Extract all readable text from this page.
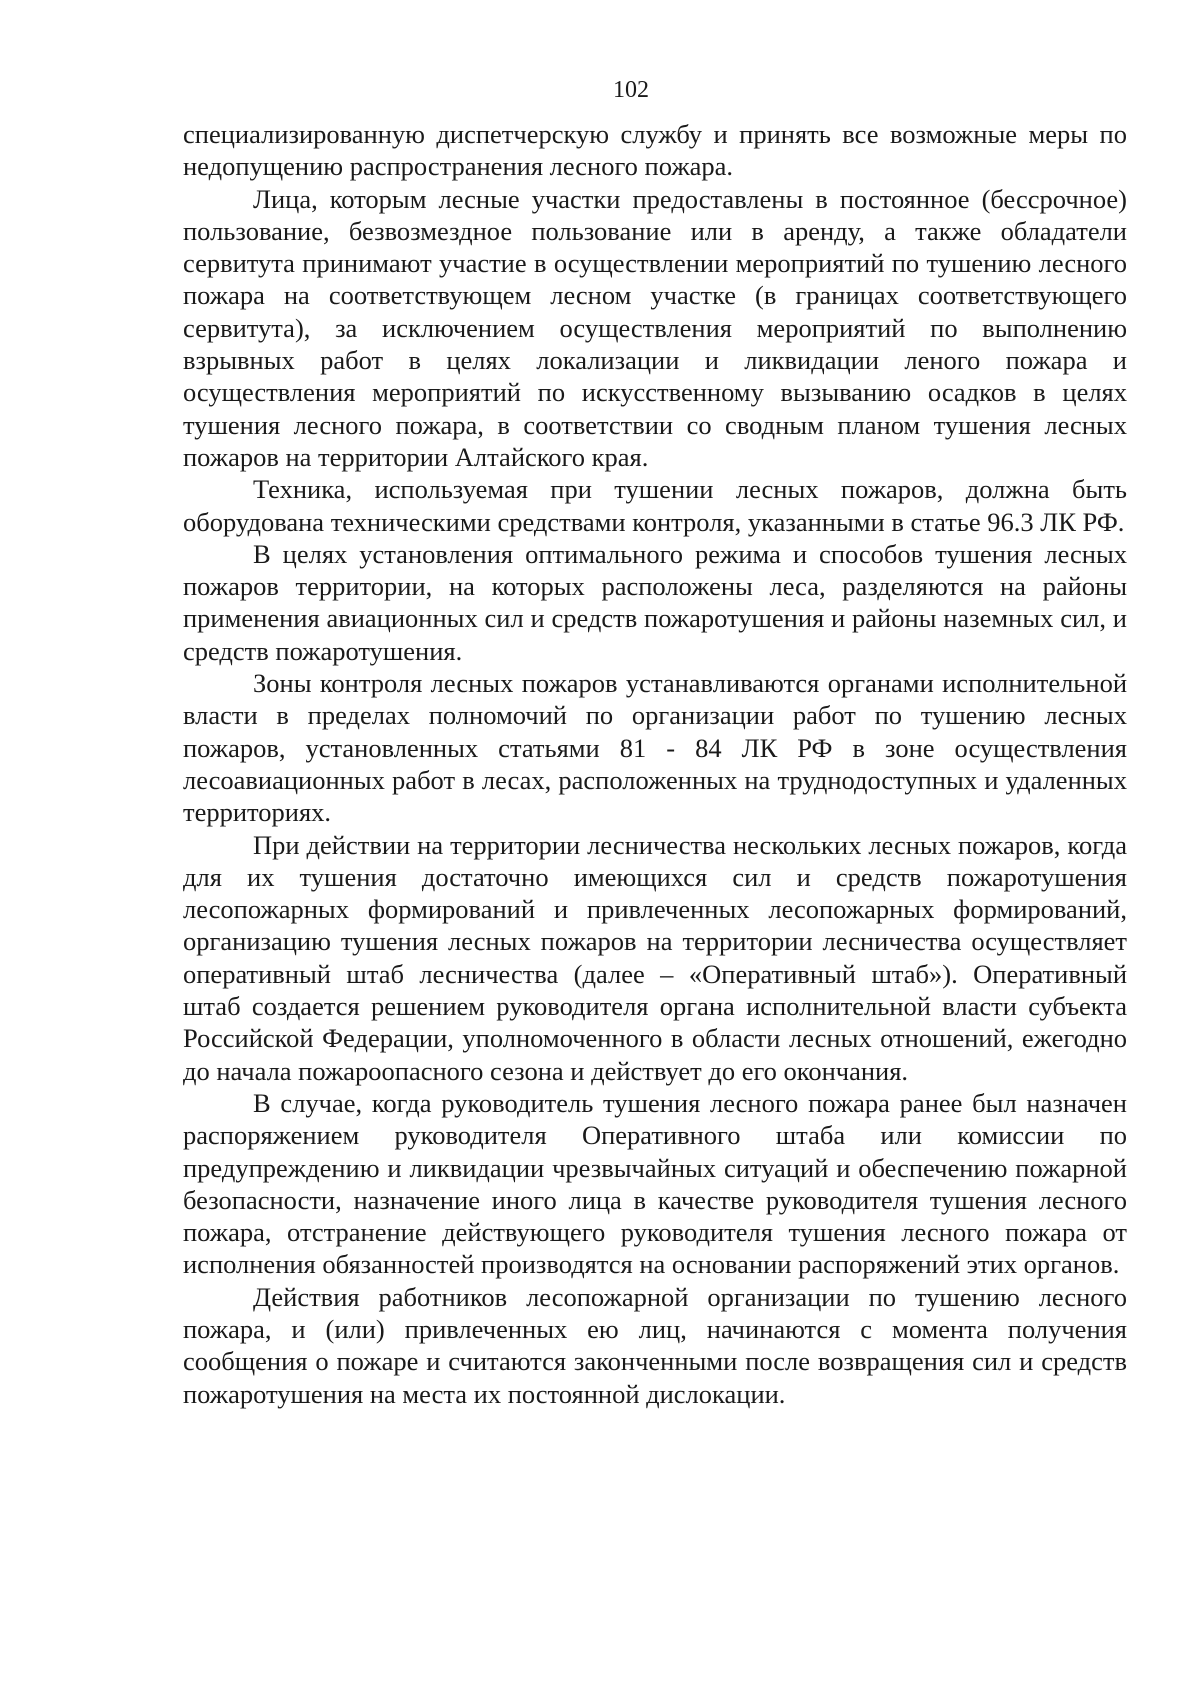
102

специализированную диспетчерскую службу и принять все возможные меры по недопущению распространения лесного пожара.

Лица, которым лесные участки предоставлены в постоянное (бессрочное) пользование, безвозмездное пользование или в аренду, а также обладатели сервитута принимают участие в осуществлении мероприятий по тушению лесного пожара на соответствующем лесном участке (в границах соответствующего сервитута), за исключением осуществления мероприятий по выполнению взрывных работ в целях локализации и ликвидации леного пожара и осуществления мероприятий по искусственному вызыванию осадков в целях тушения лесного пожара, в соответствии со сводным планом тушения лесных пожаров на территории Алтайского края.

Техника, используемая при тушении лесных пожаров, должна быть оборудована техническими средствами контроля, указанными в статье 96.3 ЛК РФ.

В целях установления оптимального режима и способов тушения лесных пожаров территории, на которых расположены леса, разделяются на районы применения авиационных сил и средств пожаротушения и районы наземных сил, и средств пожаротушения.

Зоны контроля лесных пожаров устанавливаются органами исполнительной власти в пределах полномочий по организации работ по тушению лесных пожаров, установленных статьями 81 - 84 ЛК РФ в зоне осуществления лесоавиационных работ в лесах, расположенных на труднодоступных и удаленных территориях.

При действии на территории лесничества нескольких лесных пожаров, когда для их тушения достаточно имеющихся сил и средств пожаротушения лесопожарных формирований и привлеченных лесопожарных формирований, организацию тушения лесных пожаров на территории лесничества осуществляет оперативный штаб лесничества (далее – «Оперативный штаб»). Оперативный штаб создается решением руководителя органа исполнительной власти субъекта Российской Федерации, уполномоченного в области лесных отношений, ежегодно до начала пожароопасного сезона и действует до его окончания.

В случае, когда руководитель тушения лесного пожара ранее был назначен распоряжением руководителя Оперативного штаба или комиссии по предупреждению и ликвидации чрезвычайных ситуаций и обеспечению пожарной безопасности, назначение иного лица в качестве руководителя тушения лесного пожара, отстранение действующего руководителя тушения лесного пожара от исполнения обязанностей производятся на основании распоряжений этих органов.

Действия работников лесопожарной организации по тушению лесного пожара, и (или) привлеченных ею лиц, начинаются с момента получения сообщения о пожаре и считаются законченными после возвращения сил и средств пожаротушения на места их постоянной дислокации.
